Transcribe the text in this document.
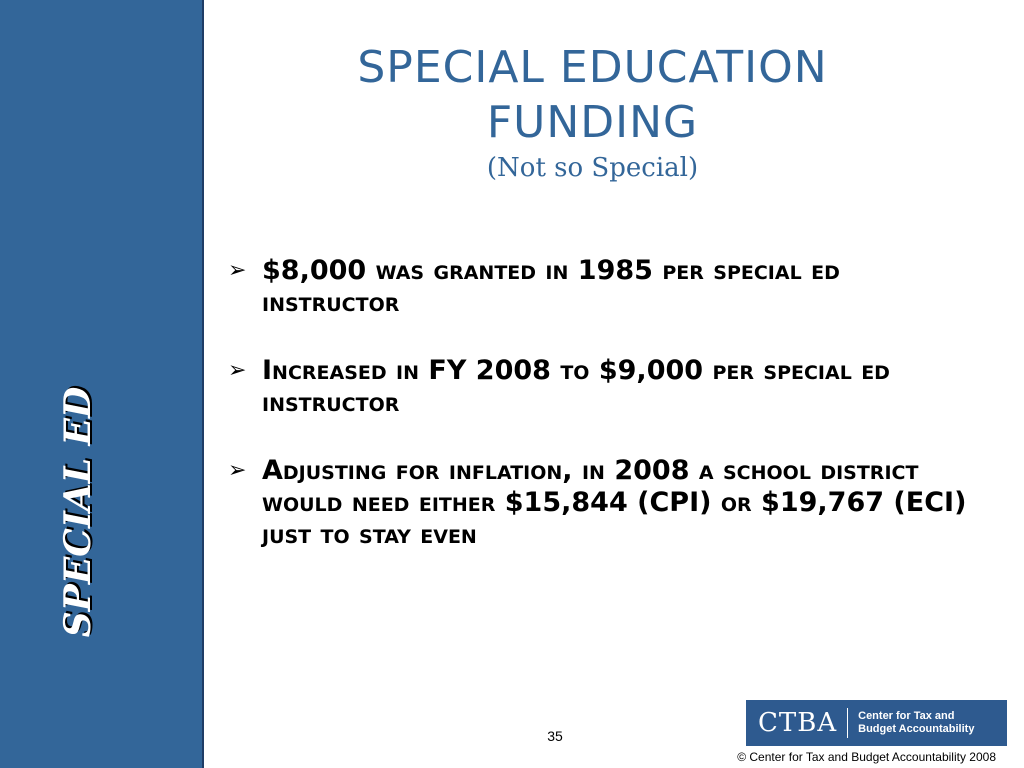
SPECIAL ED
SPECIAL EDUCATION
FUNDING
(Not so Special)
➢ $8,000 was granted in 1985 per special ed instructor
➢ Increased in FY 2008 to $9,000 per special ed instructor
➢ Adjusting for inflation, in 2008 a school district would need either $15,844 (CPI) or $19,767 (ECI) just to stay even
35	CTBA	Center for Tax and
Budget Accountability
© Center for Tax and Budget Accountability 2008
